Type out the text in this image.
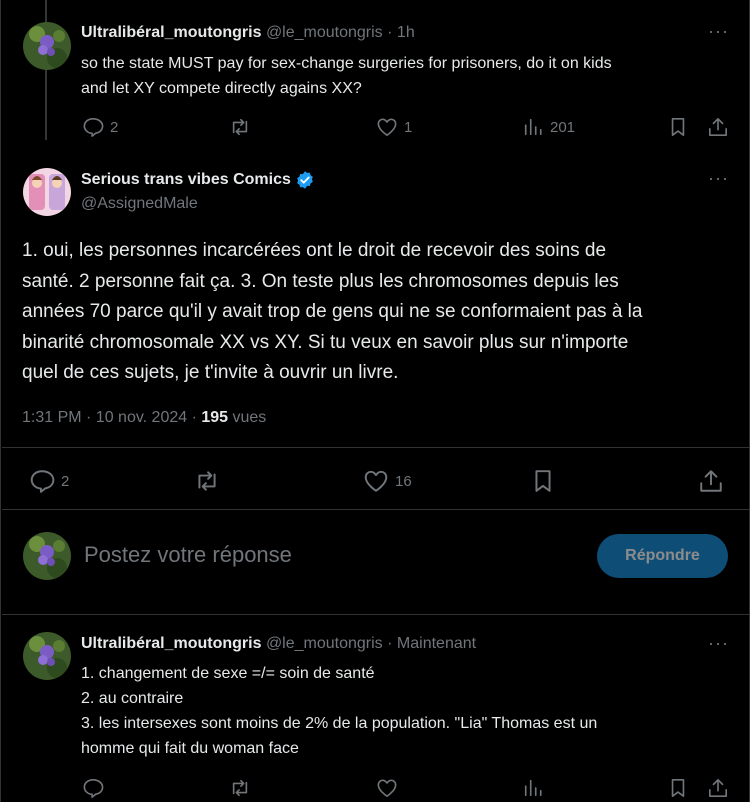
Ultralibéral_moutongris @le_moutongris · 1h	···
so the state MUST pay for sex-change surgeries for prisoners, do it on kids
and let XY compete directly agains XX?
2	1	201
Serious trans vibes Comics
@AssignedMale
···
1. oui, les personnes incarcérées ont le droit de recevoir des soins de
santé. 2 personne fait ça. 3. On teste plus les chromosomes depuis les
années 70 parce qu'il y avait trop de gens qui ne se conformaient pas à la
binarité chromosomale XX vs XY. Si tu veux en savoir plus sur n'importe
quel de ces sujets, je t'invite à ouvrir un livre.
1:31 PM · 10 nov. 2024 · 195 vues
2	16
Postez votre réponse	Répondre
Ultralibéral_moutongris @le_moutongris · Maintenant	···
1. changement de sexe =/= soin de santé
2. au contraire
3. les intersexes sont moins de 2% de la population. "Lia" Thomas est un
homme qui fait du woman face
